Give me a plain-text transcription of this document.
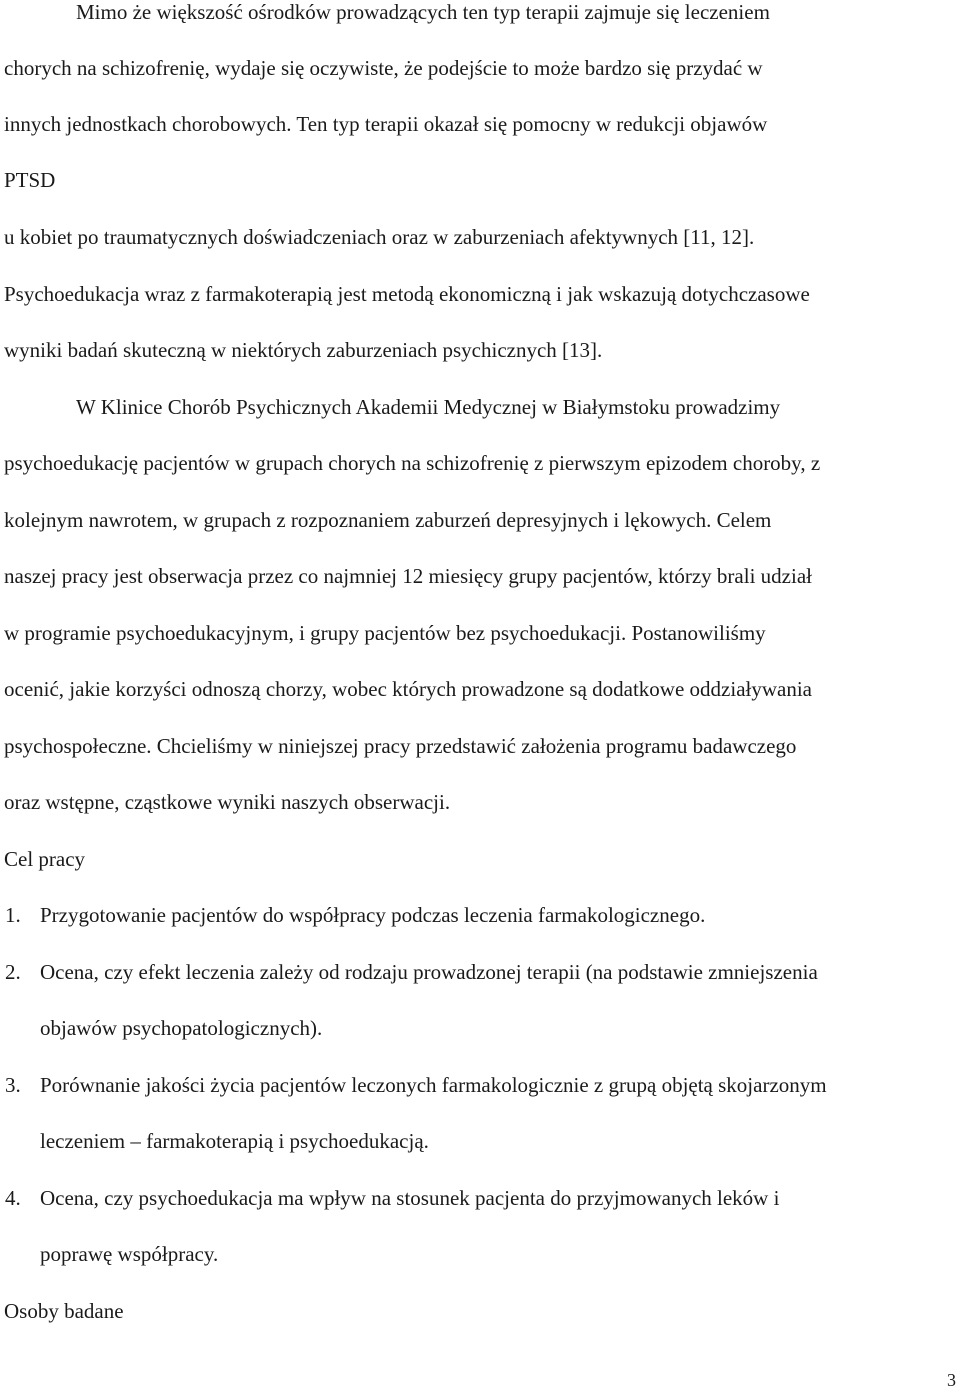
Mimo że większość ośrodków prowadzących ten typ terapii zajmuje się leczeniem
chorych na schizofrenię, wydaje się oczywiste, że podejście to może bardzo się przydać w
innych jednostkach chorobowych. Ten typ terapii okazał się pomocny w redukcji objawów
PTSD
u kobiet po traumatycznych doświadczeniach oraz w zaburzeniach afektywnych [11, 12].
Psychoedukacja wraz z farmakoterapią jest metodą ekonomiczną i jak wskazują dotychczasowe
wyniki badań skuteczną w niektórych zaburzeniach psychicznych [13].
W Klinice Chorób Psychicznych Akademii Medycznej w Białymstoku prowadzimy
psychoedukację pacjentów w grupach chorych na schizofrenię z pierwszym epizodem choroby, z
kolejnym nawrotem, w grupach z rozpoznaniem zaburzeń depresyjnych i lękowych. Celem
naszej pracy jest obserwacja przez co najmniej 12 miesięcy grupy pacjentów, którzy brali udział
w programie psychoedukacyjnym, i grupy pacjentów bez psychoedukacji. Postanowiliśmy
ocenić, jakie korzyści odnoszą chorzy, wobec których prowadzone są dodatkowe oddziaływania
psychospołeczne. Chcieliśmy w niniejszej pracy przedstawić założenia programu badawczego
oraz wstępne, cząstkowe wyniki naszych obserwacji.
Cel pracy
1. Przygotowanie pacjentów do współpracy podczas leczenia farmakologicznego.
2. Ocena, czy efekt leczenia zależy od rodzaju prowadzonej terapii (na podstawie zmniejszenia
objawów psychopatologicznych).
3. Porównanie jakości życia pacjentów leczonych farmakologicznie z grupą objętą skojarzonym
leczeniem – farmakoterapią i psychoedukacją.
4. Ocena, czy psychoedukacja ma wpływ na stosunek pacjenta do przyjmowanych leków i
poprawę współpracy.
Osoby badane
3
